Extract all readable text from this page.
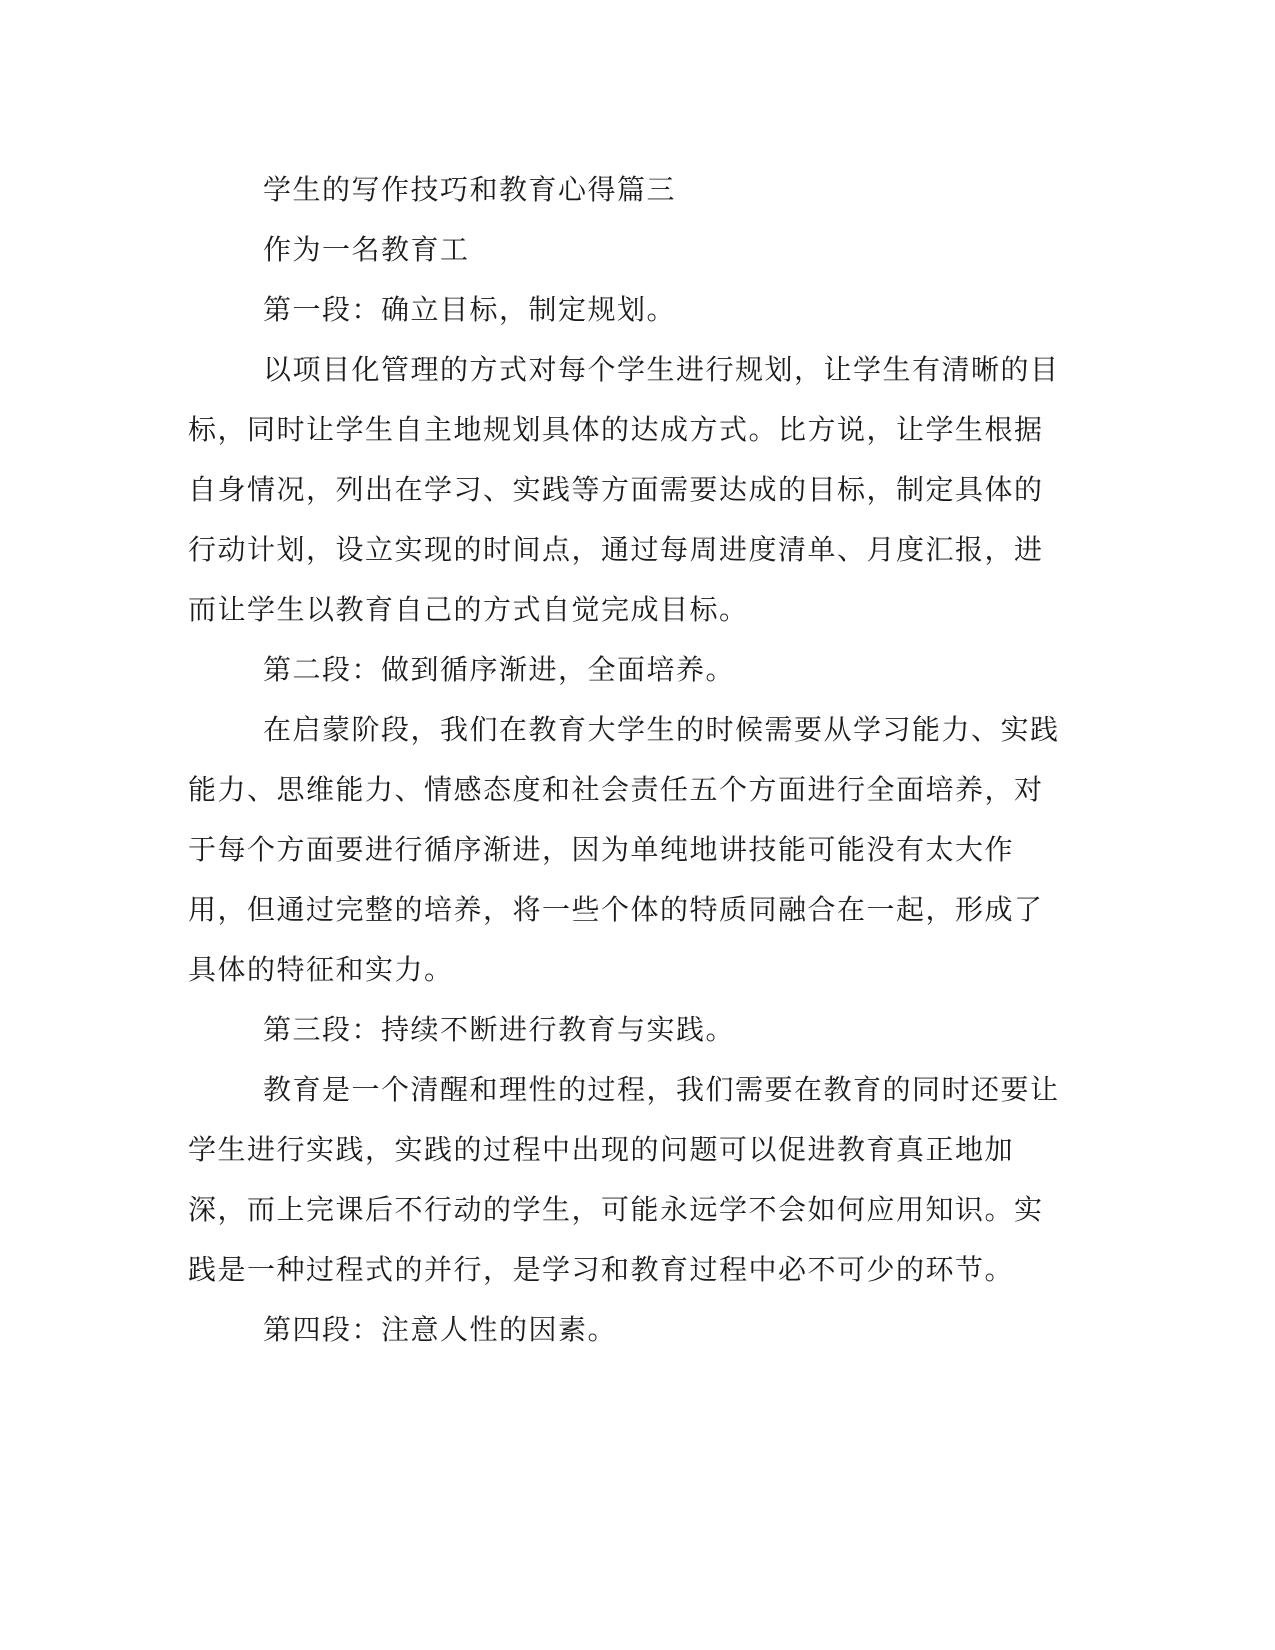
学生的写作技巧和教育心得篇三

作为一名教育工

第一段：确立目标，制定规划。

以项目化管理的方式对每个学生进行规划，让学生有清晰的目标，同时让学生自主地规划具体的达成方式。比方说，让学生根据自身情况，列出在学习、实践等方面需要达成的目标，制定具体的行动计划，设立实现的时间点，通过每周进度清单、月度汇报，进而让学生以教育自己的方式自觉完成目标。

第二段：做到循序渐进，全面培养。

在启蒙阶段，我们在教育大学生的时候需要从学习能力、实践能力、思维能力、情感态度和社会责任五个方面进行全面培养，对于每个方面要进行循序渐进，因为单纯地讲技能可能没有太大作用，但通过完整的培养，将一些个体的特质同融合在一起，形成了具体的特征和实力。

第三段：持续不断进行教育与实践。

教育是一个清醒和理性的过程，我们需要在教育的同时还要让学生进行实践，实践的过程中出现的问题可以促进教育真正地加深，而上完课后不行动的学生，可能永远学不会如何应用知识。实践是一种过程式的并行，是学习和教育过程中必不可少的环节。

第四段：注意人性的因素。
